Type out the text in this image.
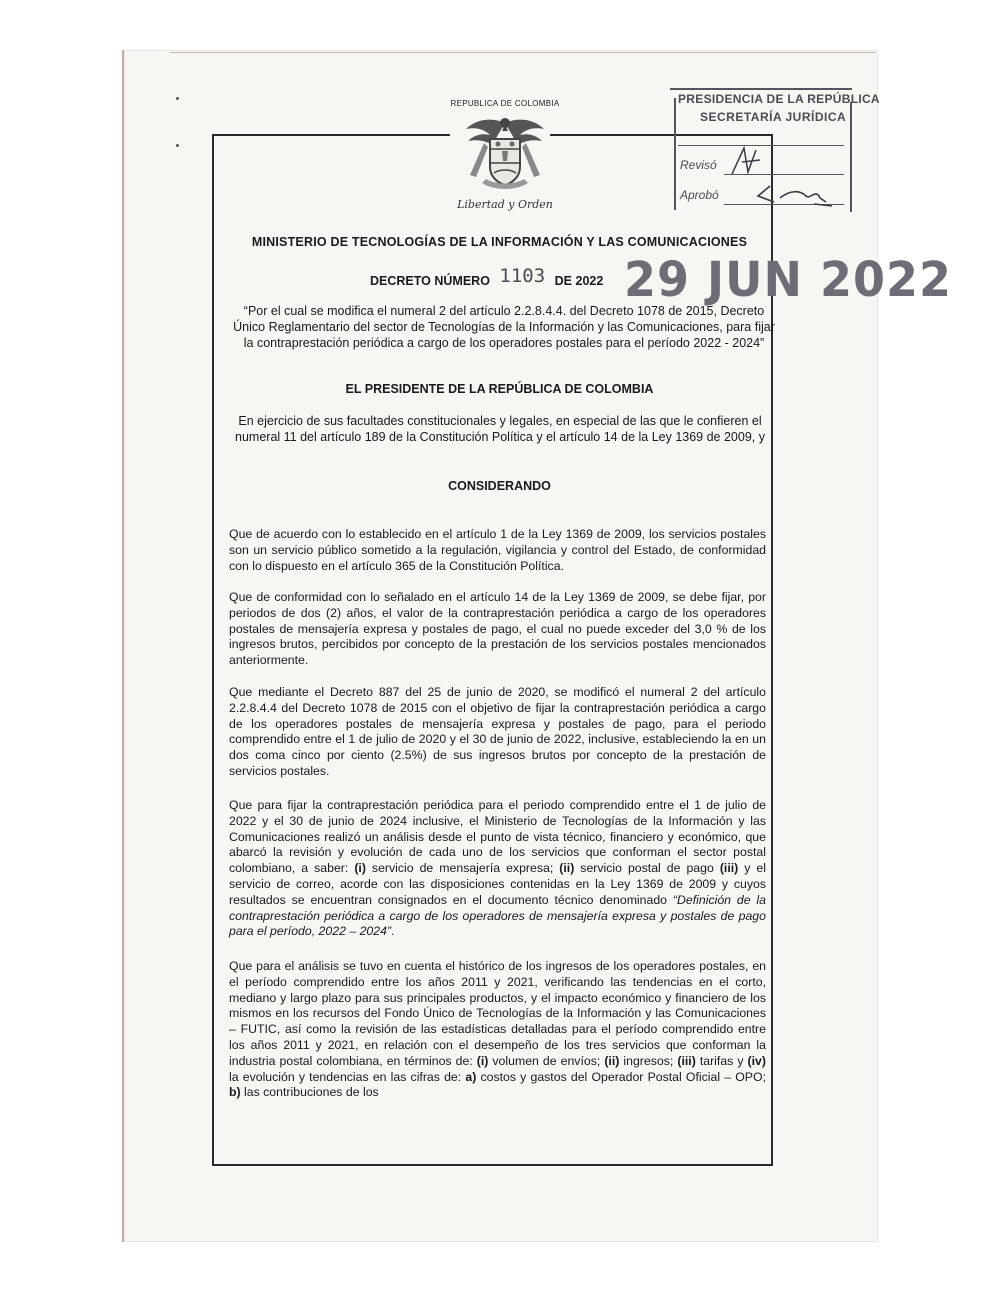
REPUBLICA DE COLOMBIA
Libertad y Orden
PRESIDENCIA DE LA REPÚBLICA
SECRETARÍA JURÍDICA
Revisó
Aprobó
MINISTERIO DE TECNOLOGÍAS DE LA INFORMACIÓN Y LAS COMUNICACIONES
DECRETO NÚMERO 1103 DE 2022 29 JUN 2022
“Por el cual se modifica el numeral 2 del artículo 2.2.8.4.4. del Decreto 1078 de 2015, Decreto Único Reglamentario del sector de Tecnologías de la Información y las Comunicaciones, para fijar la contraprestación periódica a cargo de los operadores postales para el período 2022 - 2024”
EL PRESIDENTE DE LA REPÚBLICA DE COLOMBIA
En ejercicio de sus facultades constitucionales y legales, en especial de las que le confieren el numeral 11 del artículo 189 de la Constitución Política y el artículo 14 de la Ley 1369 de 2009, y
CONSIDERANDO

Que de acuerdo con lo establecido en el artículo 1 de la Ley 1369 de 2009, los servicios postales son un servicio público sometido a la regulación, vigilancia y control del Estado, de conformidad con lo dispuesto en el artículo 365 de la Constitución Política.

Que de conformidad con lo señalado en el artículo 14 de la Ley 1369 de 2009, se debe fijar, por periodos de dos (2) años, el valor de la contraprestación periódica a cargo de los operadores postales de mensajería expresa y postales de pago, el cual no puede exceder del 3,0 % de los ingresos brutos, percibidos por concepto de la prestación de los servicios postales mencionados anteriormente.

Que mediante el Decreto 887 del 25 de junio de 2020, se modificó el numeral 2 del artículo 2.2.8.4.4 del Decreto 1078 de 2015 con el objetivo de fijar la contraprestación periódica a cargo de los operadores postales de mensajería expresa y postales de pago, para el periodo comprendido entre el 1 de julio de 2020 y el 30 de junio de 2022, inclusive, estableciendo la en un dos coma cinco por ciento (2.5%) de sus ingresos brutos por concepto de la prestación de servicios postales.

Que para fijar la contraprestación periódica para el periodo comprendido entre el 1 de julio de 2022 y el 30 de junio de 2024 inclusive, el Ministerio de Tecnologías de la Información y las Comunicaciones realizó un análisis desde el punto de vista técnico, financiero y económico, que abarcó la revisión y evolución de cada uno de los servicios que conforman el sector postal colombiano, a saber: (i) servicio de mensajería expresa; (ii) servicio postal de pago (iii) y el servicio de correo, acorde con las disposiciones contenidas en la Ley 1369 de 2009 y cuyos resultados se encuentran consignados en el documento técnico denominado “Definición de la contraprestación periódica a cargo de los operadores de mensajería expresa y postales de pago para el período, 2022 – 2024”.

Que para el análisis se tuvo en cuenta el histórico de los ingresos de los operadores postales, en el período comprendido entre los años 2011 y 2021, verificando las tendencias en el corto, mediano y largo plazo para sus principales productos, y el impacto económico y financiero de los mismos en los recursos del Fondo Único de Tecnologías de la Información y las Comunicaciones – FUTIC, así como la revisión de las estadísticas detalladas para el período comprendido entre los años 2011 y 2021, en relación con el desempeño de los tres servicios que conforman la industria postal colombiana, en términos de: (i) volumen de envíos; (ii) ingresos; (iii) tarifas y (iv) la evolución y tendencias en las cifras de: a) costos y gastos del Operador Postal Oficial – OPO; b) las contribuciones de los
